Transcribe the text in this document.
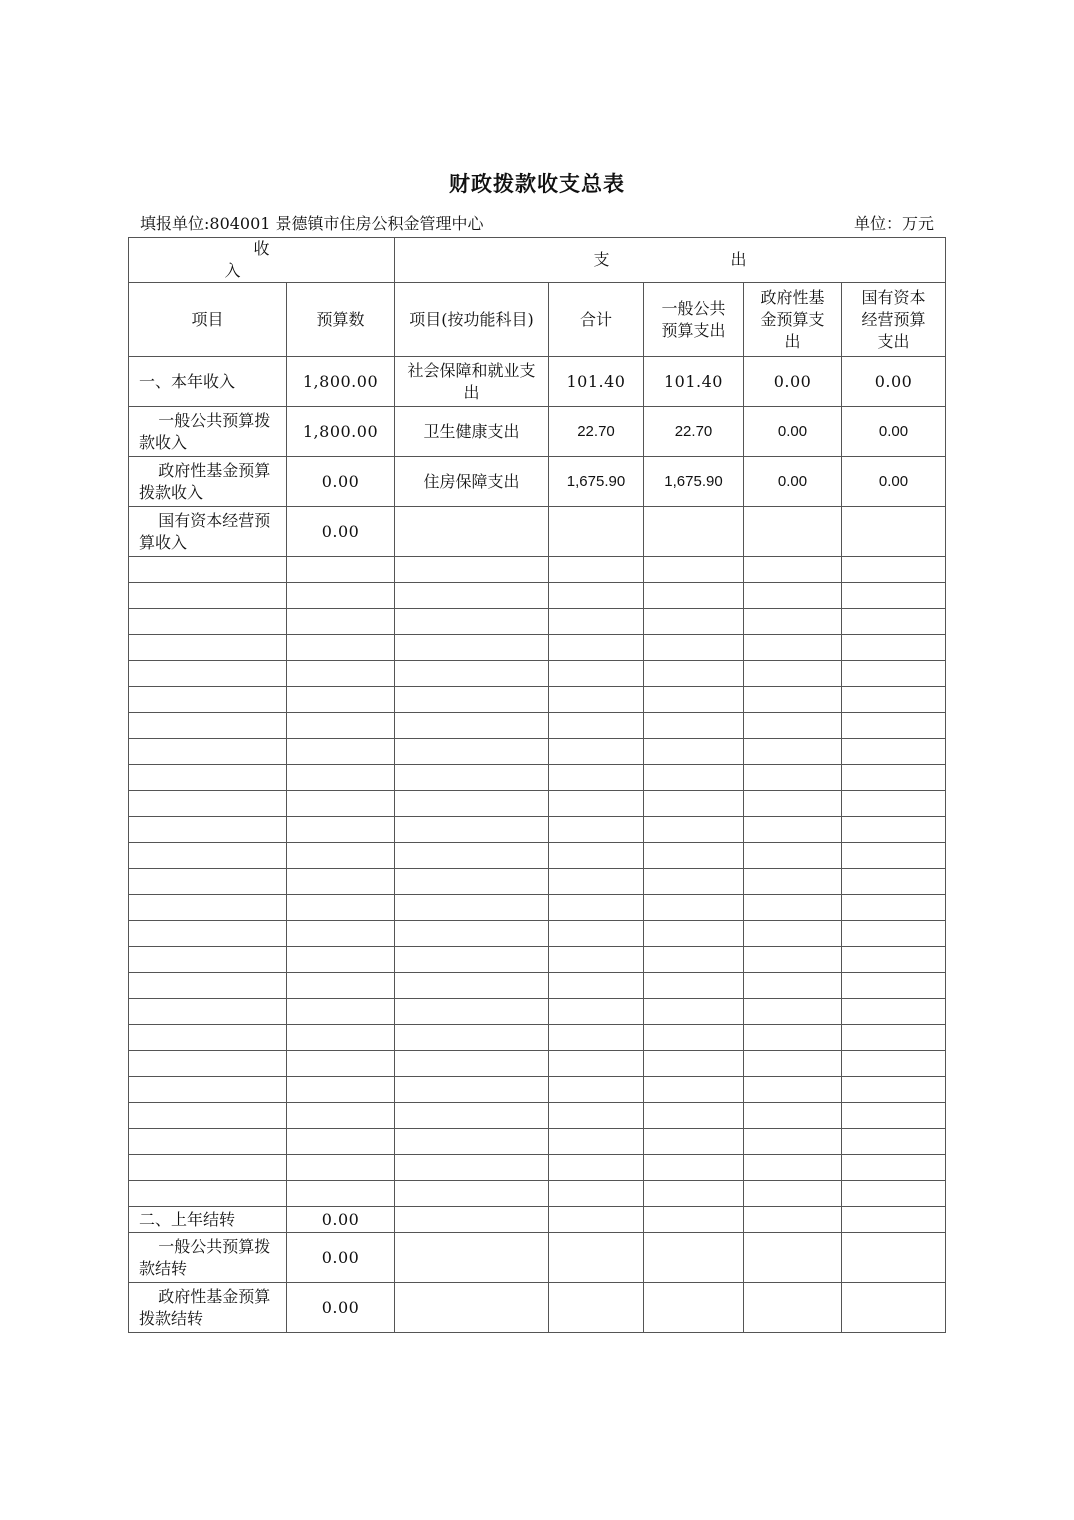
财政拨款收支总表
填报单位:804001 景德镇市住房公积金管理中心	单位：万元
收 入		支 出				
项目	预算数	项目(按功能科目)	合计	一般公共预算支出	政府性基金预算支出	国有资本经营预算支出
一、本年收入	1,800.00	社会保障和就业支出	101.40	101.40	0.00	0.00
一般公共预算拨款收入	1,800.00	卫生健康支出	22.70	22.70	0.00	0.00
政府性基金预算拨款收入	0.00	住房保障支出	1,675.90	1,675.90	0.00	0.00
国有资本经营预算收入	0.00					

二、上年结转	0.00					
一般公共预算拨款结转	0.00					
政府性基金预算拨款结转	0.00					
